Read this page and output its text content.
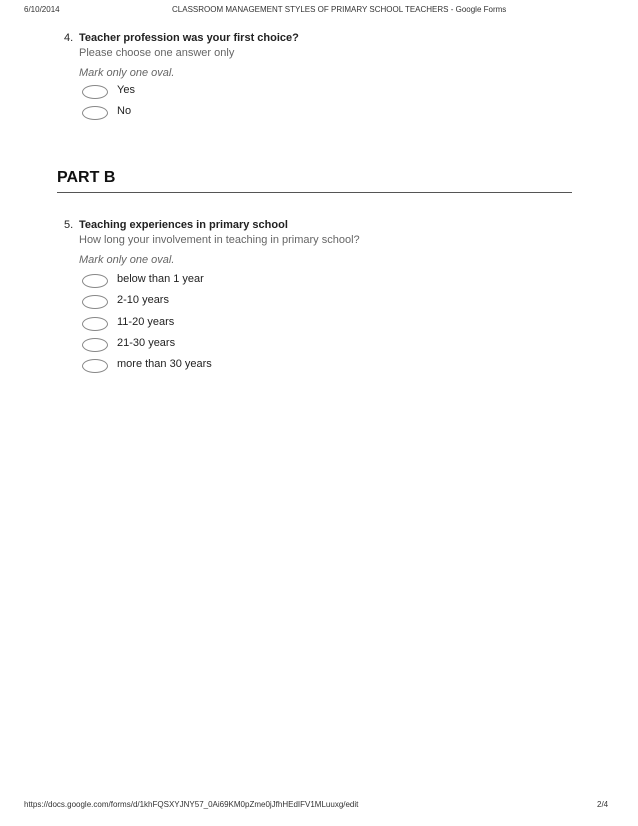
6/10/2014	CLASSROOM MANAGEMENT STYLES OF PRIMARY SCHOOL TEACHERS - Google Forms
4. Teacher profession was your first choice?
Please choose one answer only
Mark only one oval.
Yes
No
PART B
5. Teaching experiences in primary school
How long your involvement in teaching in primary school?
Mark only one oval.
below than 1 year
2-10 years
11-20 years
21-30 years
more than 30 years
https://docs.google.com/forms/d/1khFQSXYJNY57_0Ai69KM0pZme0jJfhHEdIFV1MLuuxg/edit	2/4
